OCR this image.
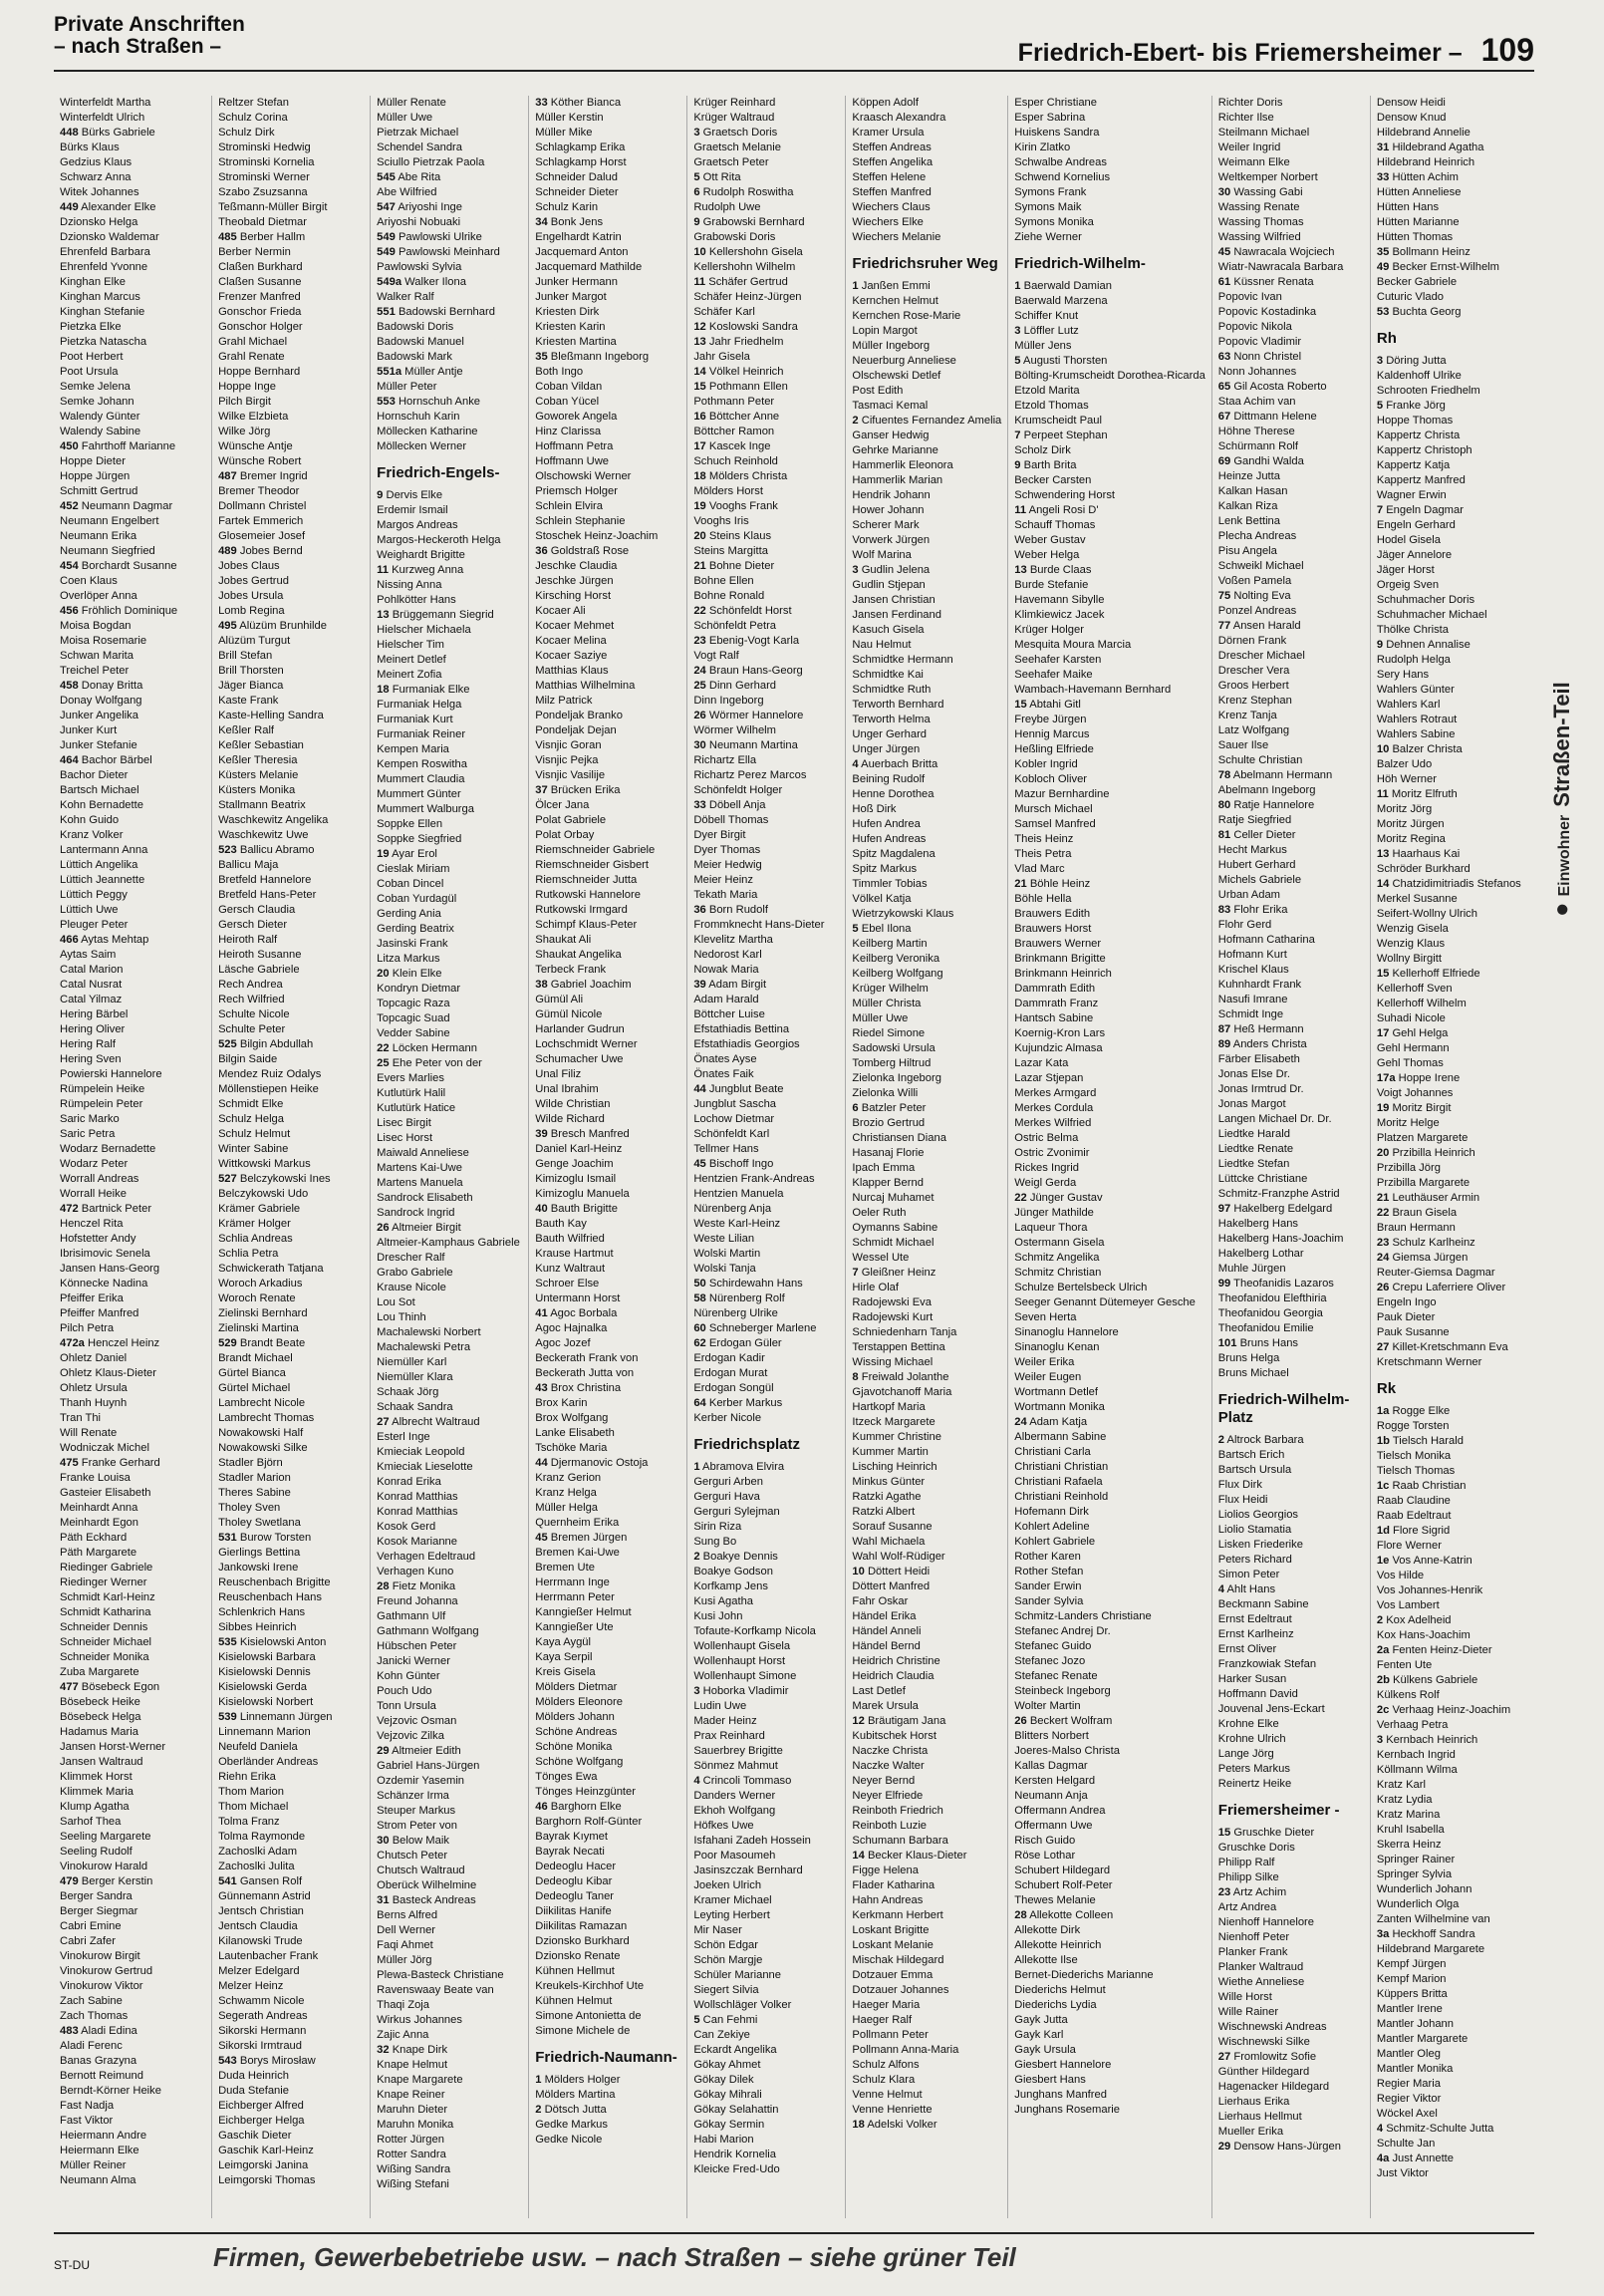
Private Anschriften
– nach Straßen –	Friedrich-Ebert- bis Friemersheimer – 109
Winterfeldt Martha
Winterfeldt Ulrich
448 Bürks Gabriele
Bürks Klaus
Gedzius Klaus
Schwarz Anna
Witek Johannes
449 Alexander Elke
Dzionsko Helga
Dzionsko Waldemar
Ehrenfeld Barbara
Ehrenfeld Yvonne
Kinghan Elke
Kinghan Marcus
Kinghan Stefanie
Pietzka Elke
Pietzka Natascha
Poot Herbert
Poot Ursula
Semke Jelena
Semke Johann
Walendy Günter
Walendy Sabine
450 Fahrthoff Marianne
Hoppe Dieter
Hoppe Jürgen
Schmitt Gertrud
452 Neumann Dagmar
Neumann Engelbert
Neumann Erika
Neumann Siegfried
454 Borchardt Susanne
Coen Klaus
Overlöper Anna
456 Fröhlich Dominique
Moisa Bogdan
Moisa Rosemarie
Schwan Marita
Treichel Peter
458 Donay Britta
Donay Wolfgang
Junker Angelika
Junker Kurt
Junker Stefanie
464 Bachor Bärbel
Bachor Dieter
Bartsch Michael
Kohn Bernadette
Kohn Guido
Kranz Volker
Lantermann Anna
Lüttich Angelika
Lüttich Jeannette
Lüttich Peggy
Lüttich Uwe
Pleuger Peter
466 Aytas Mehtap
Aytas Saim
Catal Marion
Catal Nusrat
Catal Yilmaz
Hering Bärbel
Hering Oliver
Hering Ralf
Hering Sven
Powierski Hannelore
Rümpelein Heike
Rümpelein Peter
Saric Marko
Saric Petra
Wodarz Bernadette
Wodarz Peter
Worrall Andreas
Worrall Heike
472 Bartnick Peter
Henczel Rita
Hofstetter Andy
Ibrisimovic Senela
Jansen Hans-Georg
Könnecke Nadina
Pfeiffer Erika
Pfeiffer Manfred
Pilch Petra
472a Henczel Heinz
Ohletz Daniel
Ohletz Klaus-Dieter
Ohletz Ursula
Thanh Huynh
Tran Thi
Will Renate
Wodniczak Michel
475 Franke Gerhard
Franke Louisa
Gasteier Elisabeth
Meinhardt Anna
Meinhardt Egon
Päth Eckhard
Päth Margarete
Riedinger Gabriele
Riedinger Werner
Schmidt Karl-Heinz
Schmidt Katharina
Schneider Dennis
Schneider Michael
Schneider Monika
Zuba Margarete
477 Bösebeck Egon
Bösebeck Heike
Bösebeck Helga
Hadamus Maria
Jansen Horst-Werner
Jansen Waltraud
Klimmek Horst
Klimmek Maria
Klump Agatha
Sarhof Thea
Seeling Margarete
Seeling Rudolf
Vinokurow Harald
479 Berger Kerstin
Berger Sandra
Berger Siegmar
Cabri Emine
Cabri Zafer
Vinokurow Birgit
Vinokurow Gertrud
Vinokurow Viktor
Zach Sabine
Zach Thomas
483 Aladi Edina
Aladi Ferenc
Banas Grazyna
Bernott Reimund
Berndt-Körner Heike
Fast Nadja
Fast Viktor
Heiermann Andre
Heiermann Elke
Müller Reiner
Neumann Alma
Reltzer Stefan
Schulz Corina
Schulz Dirk
Strominski Hedwig
Strominski Kornelia
Strominski Werner
Szabo Zsuzsanna
Teßmann-Müller Birgit
Theobald Dietmar
485 Berber Hallm
Berber Nermin
Claßen Burkhard
Claßen Susanne
Frenzer Manfred
Gonschor Frieda
Gonschor Holger
Grahl Michael
Grahl Renate
Hoppe Bernhard
Hoppe Inge
Pilch Birgit
Wilke Elzbieta
Wilke Jörg
Wünsche Antje
Wünsche Robert
487 Bremer Ingrid
Bremer Theodor
Dollmann Christel
Fartek Emmerich
Glosemeier Josef
489 Jobes Bernd
Jobes Claus
Jobes Gertrud
Jobes Ursula
Lomb Regina
495 Alüzüm Brunhilde
Alüzüm Turgut
Brill Stefan
Brill Thorsten
Jäger Bianca
Kaste Frank
Kaste-Helling Sandra
Keßler Ralf
Keßler Sebastian
Keßler Theresia
Küsters Melanie
Küsters Monika
Stallmann Beatrix
Waschkewitz Angelika
Waschkewitz Uwe
523 Ballicu Abramo
Ballicu Maja
Bretfeld Hannelore
Bretfeld Hans-Peter
Gersch Claudia
Gersch Dieter
Heiroth Ralf
Heiroth Susanne
Läsche Gabriele
Rech Andrea
Rech Wilfried
Schulte Nicole
Schulte Peter
525 Bilgin Abdullah
Bilgin Saide
Mendez Ruiz Odalys
Möllenstiepen Heike
Schmidt Elke
Schulz Helga
Schulz Helmut
Winter Sabine
Wittkowski Markus
527 Belczykowski Ines
Belczykowski Udo
Krämer Gabriele
Krämer Holger
Schlia Andreas
Schlia Petra
Schwickerath Tatjana
Woroch Arkadius
Woroch Renate
Zielinski Bernhard
Zielinski Martina
529 Brandt Beate
Brandt Michael
Gürtel Bianca
Gürtel Michael
Lambrecht Nicole
Lambrecht Thomas
Nowakowski Half
Nowakowski Silke
Stadler Björn
Stadler Marion
Theres Sabine
Tholey Sven
Tholey Swetlana
531 Burow Torsten
Gierlings Bettina
Jankowski Irene
Reuschenbach Brigitte
Reuschenbach Hans
Schlenkrich Hans
Sibbes Heinrich
535 Kisielowski Anton
Kisielowski Barbara
Kisielowski Dennis
Kisielowski Gerda
Kisielowski Norbert
539 Linnemann Jürgen
Linnemann Marion
Neufeld Daniela
Oberländer Andreas
Riehn Erika
Thom Marion
Thom Michael
Tolma Franz
Tolma Raymonde
Zachoslki Adam
Zachoslki Julita
541 Gansen Rolf
Günnemann Astrid
Jentsch Christian
Jentsch Claudia
Kilanowski Trude
Lautenbacher Frank
Melzer Edelgard
Melzer Heinz
Schwamm Nicole
Segerath Andreas
Sikorski Hermann
Sikorski Irmtraud
543 Borys Mirosław
Duda Heinrich
Duda Stefanie
Eichberger Alfred
Eichberger Helga
Gaschik Dieter
Gaschik Karl-Heinz
Leimgorski Janina
Leimgorski Thomas
Müller Renate
Müller Uwe
Pietrzak Michael
Schendel Sandra
Sciullo Pietrzak Paola
545 Abe Rita
Abe Wilfried
547 Ariyoshi Inge
Ariyoshi Nobuaki
549 Pawlowski Ulrike
549 Pawlowski Meinhard
Pawlowski Sylvia
549a Walker Ilona
Walker Ralf
551 Badowski Bernhard
Badowski Doris
Badowski Manuel
Badowski Mark
551a Müller Antje
Müller Peter
553 Hornschuh Anke
Hornschuh Karin
Möllecken Katharine
Möllecken Werner
Friedrich-Engels-
9 Dervis Elke
Erdemir Ismail
Margos Andreas
Margos-Heckeroth Helga
Weighardt Brigitte
11 Kurzweg Anna
Nissing Anna
Pohlkötter Hans
13 Brüggemann Siegrid
Hielscher Michaela
Hielscher Tim
Meinert Detlef
Meinert Zofia
18 Furmaniak Elke
Furmaniak Helga
Furmaniak Kurt
Furmaniak Reiner
Kempen Maria
Kempen Roswitha
Mummert Claudia
Mummert Günter
Mummert Walburga
Soppke Ellen
Soppke Siegfried
19 Ayar Erol
Cieslak Miriam
Coban Dincel
Coban Yurdagül
Gerding Ania
Gerding Beatrix
Jasinski Frank
Litza Markus
20 Klein Elke
Kondryn Dietmar
Topcagic Raza
Topcagic Suad
Vedder Sabine
22 Löcken Hermann
25 Ehe Peter von der
Evers Marlies
Kutlutürk Halil
Kutlutürk Hatice
Lisec Birgit
Lisec Horst
Maiwald Anneliese
Martens Kai-Uwe
Martens Manuela
Sandrock Elisabeth
Sandrock Ingrid
26 Altmeier Birgit
Altmeier-Kamphaus Gabriele
Drescher Ralf
Grabo Gabriele
Krause Nicole
Lou Sot
Lou Thinh
Machalewski Norbert
Machalewski Petra
Niemüller Karl
Niemüller Klara
Schaak Jörg
Schaak Sandra
27 Albrecht Waltraud
Esterl Inge
Kmieciak Leopold
Kmieciak Lieselotte
Konrad Erika
Konrad Matthias
Konrad Matthias
Kosok Gerd
Kosok Marianne
Verhagen Edeltraud
Verhagen Kuno
28 Fietz Monika
Freund Johanna
Gathmann Ulf
Gathmann Wolfgang
Hübschen Peter
Janicki Werner
Kohn Günter
Pouch Udo
Tonn Ursula
Vejzovic Osman
Vejzovic Zilka
29 Altmeier Edith
Gabriel Hans-Jürgen
Ozdemir Yasemin
Schänzer Irma
Steuper Markus
Strom Peter von
30 Below Maik
Chutsch Peter
Chutsch Waltraud
Oberück Wilhelmine
31 Basteck Andreas
Berns Alfred
Dell Werner
Faqi Ahmet
Müller Jörg
Plewa-Basteck Christiane
Ravenswaay Beate van
Thaqi Zoja
Wirkus Johannes
Zajic Anna
32 Knape Dirk
Knape Helmut
Knape Margarete
Knape Reiner
Maruhn Dieter
Maruhn Monika
Rotter Jürgen
Rotter Sandra
Wißing Sandra
Wißing Stefani
33 Köther Bianca
Müller Kerstin
Müller Mike
Schlagkamp Erika
Schlagkamp Horst
Schneider Dalud
Schneider Dieter
Schulz Karin
34 Bonk Jens
Engelhardt Katrin
Jacquemard Anton
Jacquemard Mathilde
Junker Hermann
Junker Margot
Kriesten Dirk
Kriesten Karin
Kriesten Martina
35 Bleßmann Ingeborg
Both Ingo
Coban Vildan
Coban Yücel
Goworek Angela
Hinz Clarissa
Hoffmann Petra
Hoffmann Uwe
Olschowski Werner
Priemsch Holger
Schlein Elvira
Schlein Stephanie
Stoschek Heinz-Joachim
36 Goldstraß Rose
Jeschke Claudia
Jeschke Jürgen
Kirsching Horst
Kocaer Ali
Kocaer Mehmet
Kocaer Melina
Kocaer Saziye
Matthias Klaus
Matthias Wilhelmina
Milz Patrick
Pondeljak Branko
Pondeljak Dejan
Visnjic Goran
Visnjic Pejka
Visnjic Vasilije
37 Brücken Erika
Ölcer Jana
Polat Gabriele
Polat Orbay
Riemschneider Gabriele
Riemschneider Gisbert
Riemschneider Jutta
Rutkowski Hannelore
Rutkowski Irmgard
Schimpf Klaus-Peter
Shaukat Ali
Shaukat Angelika
Terbeck Frank
38 Gabriel Joachim
Gümül Ali
Gümül Nicole
Harlander Gudrun
Lochschmidt Werner
Schumacher Uwe
Unal Filiz
Unal Ibrahim
Wilde Christian
Wilde Richard
39 Bresch Manfred
Daniel Karl-Heinz
Genge Joachim
Kimizoglu Ismail
Kimizoglu Manuela
40 Bauth Brigitte
Bauth Kay
Bauth Wilfried
Krause Hartmut
Kunz Waltraut
Schroer Else
Untermann Horst
41 Agoc Borbala
Agoc Hajnalka
Agoc Jozef
Beckerath Frank von
Beckerath Jutta von
43 Brox Christina
Brox Karin
Brox Wolfgang
Lanke Elisabeth
Tschöke Maria
44 Djermanovic Ostoja
Kranz Gerion
Kranz Helga
Müller Helga
Quernheim Erika
45 Bremen Jürgen
Bremen Kai-Uwe
Bremen Ute
Herrmann Inge
Herrmann Peter
Kanngießer Helmut
Kanngießer Ute
Kaya Aygül
Kaya Serpil
Kreis Gisela
Mölders Dietmar
Mölders Eleonore
Mölders Johann
Schöne Andreas
Schöne Monika
Schöne Wolfgang
Tönges Ewa
Tönges Heinzgünter
46 Barghorn Elke
Barghorn Rolf-Günter
Bayrak Kıymet
Bayrak Necati
Dedeoglu Hacer
Dedeoglu Kibar
Dedeoglu Taner
Diikilitas Hanife
Diikilitas Ramazan
Dzionsko Burkhard
Dzionsko Renate
Kühnen Hellmut
Kreukels-Kirchhof Ute
Kühnen Helmut
Simone Antonietta de
Simone Michele de
Friedrich-Naumann-
1 Mölders Holger
Mölders Martina
2 Dötsch Jutta
Gedke Markus
Gedke Nicole
Krüger Reinhard
Krüger Waltraud
3 Graetsch Doris
Graetsch Melanie
Graetsch Peter
5 Ott Rita
6 Rudolph Roswitha
Rudolph Uwe
9 Grabowski Bernhard
Grabowski Doris
10 Kellershohn Gisela
Kellershohn Wilhelm
11 Schäfer Gertrud
Schäfer Heinz-Jürgen
Schäfer Karl
12 Koslowski Sandra
13 Jahr Friedhelm
Jahr Gisela
14 Völkel Heinrich
15 Pothmann Ellen
Pothmann Peter
16 Böttcher Anne
Böttcher Ramon
17 Kascek Inge
Schuch Reinhold
18 Mölders Christa
Mölders Horst
19 Vooghs Frank
Vooghs Iris
20 Steins Klaus
Steins Margitta
21 Bohne Dieter
Bohne Ellen
Bohne Ronald
22 Schönfeldt Horst
Schönfeldt Petra
23 Ebenig-Vogt Karla
Vogt Ralf
24 Braun Hans-Georg
25 Dinn Gerhard
Dinn Ingeborg
26 Wörmer Hannelore
Wörmer Wilhelm
30 Neumann Martina
Richartz Ella
Richartz Perez Marcos
Schönfeldt Holger
33 Döbell Anja
Döbell Thomas
Dyer Birgit
Dyer Thomas
Meier Hedwig
Meier Heinz
Tekath Maria
36 Born Rudolf
Frommknecht Hans-Dieter
Klevelitz Martha
Nedorost Karl
Nowak Maria
39 Adam Birgit
Adam Harald
Böttcher Luise
Efstathiadis Bettina
Efstathiadis Georgios
Önates Ayse
Önates Faik
44 Jungblut Beate
Jungblut Sascha
Lochow Dietmar
Schönfeldt Karl
Tellmer Hans
45 Bischoff Ingo
Hentzien Frank-Andreas
Hentzien Manuela
Nürenberg Anja
Weste Karl-Heinz
Weste Lilian
Wolski Martin
Wolski Tanja
50 Schirdewahn Hans
58 Nürenberg Rolf
Nürenberg Ulrike
60 Schneberger Marlene
62 Erdogan Güler
Erdogan Kadir
Erdogan Murat
Erdogan Songül
64 Kerber Markus
Kerber Nicole
Friedrichsplatz
1 Abramova Elvira
Gerguri Arben
Gerguri Hava
Gerguri Sylejman
Sirin Riza
Sung Bo
2 Boakye Dennis
Boakye Godson
Korfkamp Jens
Kusi Agatha
Kusi John
Tofaute-Korfkamp Nicola
Wollenhaupt Gisela
Wollenhaupt Horst
Wollenhaupt Simone
3 Hoborka Vladimir
Ludin Uwe
Mader Heinz
Prax Reinhard
Sauerbrey Brigitte
Sönmez Mahmut
4 Crincoli Tommaso
Danders Werner
Ekhoh Wolfgang
Höfkes Uwe
Isfahani Zadeh Hossein
Poor Masoumeh
Jasinszczak Bernhard
Joeken Ulrich
Kramer Michael
Leyting Herbert
Mir Naser
Schön Edgar
Schön Margje
Schüler Marianne
Siegert Silvia
Wollschläger Volker
5 Can Fehmi
Can Zekiye
Eckardt Angelika
Gökay Ahmet
Gökay Dilek
Gökay Mihrali
Gökay Selahattin
Gökay Sermin
Habi Marion
Hendrik Kornelia
Kleicke Fred-Udo
Köppen Adolf
Kraasch Alexandra
Kramer Ursula
Steffen Andreas
Steffen Angelika
Steffen Helene
Steffen Manfred
Wiechers Claus
Wiechers Elke
Wiechers Melanie
Friedrichsruher Weg
1 Janßen Emmi
Kernchen Helmut
Kernchen Rose-Marie
Lopin Margot
Müller Ingeborg
Neuerburg Anneliese
Olschewski Detlef
Post Edith
Tasmaci Kemal
2 Cifuentes Fernandez Amelia
Ganser Hedwig
Gehrke Marianne
Hammerlik Eleonora
Hammerlik Marian
Hendrik Johann
Hower Johann
Scherer Mark
Vorwerk Jürgen
Wolf Marina
3 Gudlin Jelena
Gudlin Stjepan
Jansen Christian
Jansen Ferdinand
Kasuch Gisela
Nau Helmut
Schmidtke Hermann
Schmidtke Kai
Schmidtke Ruth
Terworth Bernhard
Terworth Helma
Unger Gerhard
Unger Jürgen
4 Auerbach Britta
Beining Rudolf
Henne Dorothea
Hoß Dirk
Hufen Andrea
Hufen Andreas
Spitz Magdalena
Spitz Markus
Timmler Tobias
Völkel Katja
Wietrzykowski Klaus
5 Ebel Ilona
Keilberg Martin
Keilberg Veronika
Keilberg Wolfgang
Krüger Wilhelm
Müller Christa
Müller Uwe
Riedel Simone
Sadowski Ursula
Tomberg Hiltrud
Zielonka Ingeborg
Zielonka Willi
6 Batzler Peter
Brozio Gertrud
Christiansen Diana
Hasanaj Florie
Ipach Emma
Klapper Bernd
Nurcaj Muhamet
Oeler Ruth
Oymanns Sabine
Schmidt Michael
Wessel Ute
7 Gleißner Heinz
Hirle Olaf
Radojewski Eva
Radojewski Kurt
Schniedenharn Tanja
Terstappen Bettina
Wissing Michael
8 Freiwald Jolanthe
Gjavotchanoff Maria
Hartkopf Maria
Itzeck Margarete
Kummer Christine
Kummer Martin
Lisching Heinrich
Minkus Günter
Ratzki Agathe
Ratzki Albert
Sorauf Susanne
Wahl Michaela
Wahl Wolf-Rüdiger
10 Döttert Heidi
Döttert Manfred
Fahr Oskar
Händel Erika
Händel Anneli
Händel Bernd
Heidrich Christine
Heidrich Claudia
Last Detlef
Marek Ursula
12 Bräutigam Jana
Kubitschek Horst
Naczke Christa
Naczke Walter
Neyer Bernd
Neyer Elfriede
Reinboth Friedrich
Reinboth Luzie
Schumann Barbara
14 Becker Klaus-Dieter
Figge Helena
Flader Katharina
Hahn Andreas
Kerkmann Herbert
Loskant Brigitte
Loskant Melanie
Mischak Hildegard
Dotzauer Emma
Dotzauer Johannes
Haeger Maria
Haeger Ralf
Pollmann Peter
Pollmann Anna-Maria
Schulz Alfons
Schulz Klara
Venne Helmut
Venne Henriette
18 Adelski Volker
Esper Christiane
Esper Sabrina
Huiskens Sandra
Kirin Zlatko
Schwalbe Andreas
Schwend Kornelius
Symons Frank
Symons Maik
Symons Monika
Ziehe Werner
Friedrich-Wilhelm-
1 Baerwald Damian
Baerwald Marzena
Schiffer Knut
3 Löffler Lutz
Müller Jens
5 Augusti Thorsten
Bölting-Krumscheidt Dorothea-Ricarda
Etzold Marita
Etzold Thomas
Krumscheidt Paul
7 Perpeet Stephan
Scholz Dirk
9 Barth Brita
Becker Carsten
Schwendering Horst
11 Angeli Rosi D'
Schauff Thomas
Weber Gustav
Weber Helga
13 Burde Claas
Burde Stefanie
Havemann Sibylle
Klimkiewicz Jacek
Krüger Holger
Mesquita Moura Marcia
Seehafer Karsten
Seehafer Maike
Wambach-Havemann Bernhard
15 Abtahi Gitl
Freybe Jürgen
Hennig Marcus
Heßling Elfriede
Kobler Ingrid
Kobloch Oliver
Mazur Bernhardine
Mursch Michael
Samsel Manfred
Theis Heinz
Theis Petra
Vlad Marc
21 Böhle Heinz
Böhle Hella
Brauwers Edith
Brauwers Horst
Brauwers Werner
Brinkmann Brigitte
Brinkmann Heinrich
Dammrath Edith
Dammrath Franz
Hantsch Sabine
Koernig-Kron Lars
Kujundzic Almasa
Lazar Kata
Lazar Stjepan
Merkes Armgard
Merkes Cordula
Merkes Wilfried
Ostric Belma
Ostric Zvonimir
Rickes Ingrid
Weigl Gerda
22 Jünger Gustav
Jünger Mathilde
Laqueur Thora
Ostermann Gisela
Schmitz Angelika
Schmitz Christian
Schulze Bertelsbeck Ulrich
Seeger Genannt Dütemeyer Gesche
Seven Herta
Sinanoglu Hannelore
Sinanoglu Kenan
Weiler Erika
Weiler Eugen
Wortmann Detlef
Wortmann Monika
24 Adam Katja
Albermann Sabine
Christiani Carla
Christiani Christian
Christiani Rafaela
Christiani Reinhold
Hofemann Dirk
Kohlert Adeline
Kohlert Gabriele
Rother Karen
Rother Stefan
Sander Erwin
Sander Sylvia
Schmitz-Landers Christiane
Stefanec Andrej Dr.
Stefanec Guido
Stefanec Jozo
Stefanec Renate
Steinbeck Ingeborg
Wolter Martin
26 Beckert Wolfram
Blitters Norbert
Joeres-Malso Christa
Kallas Dagmar
Kersten Helgard
Neumann Anja
Offermann Andrea
Offermann Uwe
Risch Guido
Röse Lothar
Schubert Hildegard
Schubert Rolf-Peter
Thewes Melanie
28 Allekotte Colleen
Allekotte Dirk
Allekotte Heinrich
Allekotte Ilse
Bernet-Diederichs Marianne
Diederichs Helmut
Diederichs Lydia
Gayk Jutta
Gayk Karl
Gayk Ursula
Giesbert Hannelore
Giesbert Hans
Junghans Manfred
Junghans Rosemarie
Richter Doris
Richter Ilse
Steilmann Michael
Weiler Ingrid
Weimann Elke
Weltkemper Norbert
30 Wassing Gabi
Wassing Renate
Wassing Thomas
Wassing Wilfried
45 Nawracala Wojciech
Wiatr-Nawracala Barbara
61 Küssner Renata
Popovic Ivan
Popovic Kostadinka
Popovic Nikola
Popovic Vladimir
63 Nonn Christel
Nonn Johannes
65 Gil Acosta Roberto
Staa Achim van
67 Dittmann Helene
Höhne Therese
Schürmann Rolf
69 Gandhi Walda
Heinze Jutta
Kalkan Hasan
Kalkan Riza
Lenk Bettina
Plecha Andreas
Pisu Angela
Schweikl Michael
Voßen Pamela
75 Nolting Eva
Ponzel Andreas
77 Ansen Harald
Dörnen Frank
Drescher Michael
Drescher Vera
Groos Herbert
Krenz Stephan
Krenz Tanja
Latz Wolfgang
Sauer Ilse
Schulte Christian
78 Abelmann Hermann
Abelmann Ingeborg
80 Ratje Hannelore
Ratje Siegfried
81 Celler Dieter
Hecht Markus
Hubert Gerhard
Michels Gabriele
Urban Adam
83 Flohr Erika
Flohr Gerd
Hofmann Catharina
Hofmann Kurt
Krischel Klaus
Kuhnhardt Frank
Nasufi Imrane
Schmidt Inge
87 Heß Hermann
89 Anders Christa
Färber Elisabeth
Jonas Else Dr.
Jonas Irmtrud Dr.
Jonas Margot
Langen Michael Dr. Dr.
Liedtke Harald
Liedtke Renate
Liedtke Stefan
Lüttcke Christiane
Schmitz-Franzphe Astrid
97 Hakelberg Edelgard
Hakelberg Hans
Hakelberg Hans-Joachim
Hakelberg Lothar
Muhle Jürgen
99 Theofanidis Lazaros
Theofanidou Elefthiria
Theofanidou Georgia
Theofanidou Emilie
101 Bruns Hans
Bruns Helga
Bruns Michael
Friedrich-Wilhelm-Platz
2 Altrock Barbara
Bartsch Erich
Bartsch Ursula
Flux Dirk
Flux Heidi
Liolios Georgios
Liolio Stamatia
Lisken Friederike
Peters Richard
Simon Peter
4 Ahlt Hans
Beckmann Sabine
Ernst Edeltraut
Ernst Karlheinz
Ernst Oliver
Franzkowiak Stefan
Harker Susan
Hoffmann David
Jouvenal Jens-Eckart
Krohne Elke
Krohne Ulrich
Lange Jörg
Peters Markus
Reinertz Heike
Friemersheimer -
15 Gruschke Dieter
Gruschke Doris
Philipp Ralf
Philipp Silke
23 Artz Achim
Artz Andrea
Nienhoff Hannelore
Nienhoff Peter
Planker Frank
Planker Waltraud
Wiethe Anneliese
Wille Horst
Wille Rainer
Wischnewski Andreas
Wischnewski Silke
27 Fromlowitz Sofie
Günther Hildegard
Hagenacker Hildegard
Lierhaus Erika
Lierhaus Hellmut
Mueller Erika
29 Densow Hans-Jürgen
Densow Heidi
Densow Knud
Hildebrand Annelie
31 Hildebrand Agatha
Hildebrand Heinrich
33 Hütten Achim
Hütten Anneliese
Hütten Hans
Hütten Marianne
Hütten Thomas
35 Bollmann Heinz
49 Becker Ernst-Wilhelm
Becker Gabriele
Cuturic Vlado
53 Buchta Georg
Rh
3 Döring Jutta
Kaldenhoff Ulrike
Schrooten Friedhelm
5 Franke Jörg
Hoppe Thomas
Kappertz Christa
Kappertz Christoph
Kappertz Katja
Kappertz Manfred
Wagner Erwin
7 Engeln Dagmar
Engeln Gerhard
Hodel Gisela
Jäger Annelore
Jäger Horst
Orgeig Sven
Schuhmacher Doris
Schuhmacher Michael
Thölke Christa
9 Dehnen Annalise
Rudolph Helga
Sery Hans
Wahlers Günter
Wahlers Karl
Wahlers Rotraut
Wahlers Sabine
10 Balzer Christa
Balzer Udo
Höh Werner
11 Moritz Elfruth
Moritz Jörg
Moritz Jürgen
Moritz Regina
13 Haarhaus Kai
Schröder Burkhard
14 Chatzidimitriadis Stefanos
Merkel Susanne
Seifert-Wollny Ulrich
Wenzig Gisela
Wenzig Klaus
Wollny Birgitt
15 Kellerhoff Elfriede
Kellerhoff Sven
Kellerhoff Wilhelm
Suhadi Nicole
17 Gehl Helga
Gehl Hermann
Gehl Thomas
17a Hoppe Irene
Voigt Johannes
19 Moritz Birgit
Moritz Helge
Platzen Margarete
20 Przibilla Heinrich
Przibilla Jörg
Przibilla Margarete
21 Leuthäuser Armin
22 Braun Gisela
Braun Hermann
23 Schulz Karlheinz
24 Giemsa Jürgen
Reuter-Giemsa Dagmar
26 Crepu Laferriere Oliver
Engeln Ingo
Pauk Dieter
Pauk Susanne
27 Killet-Kretschmann Eva
Kretschmann Werner
Rk
1a Rogge Elke
Rogge Torsten
1b Tielsch Harald
Tielsch Monika
Tielsch Thomas
1c Raab Christian
Raab Claudine
Raab Edeltraut
1d Flore Sigrid
Flore Werner
1e Vos Anne-Katrin
Vos Hilde
Vos Johannes-Henrik
Vos Lambert
2 Kox Adelheid
Kox Hans-Joachim
2a Fenten Heinz-Dieter
Fenten Ute
2b Külkens Gabriele
Külkens Rolf
2c Verhaag Heinz-Joachim
Verhaag Petra
3 Kernbach Heinrich
Kernbach Ingrid
Köllmann Wilma
Kratz Karl
Kratz Lydia
Kratz Marina
Kruhl Isabella
Skerra Heinz
Springer Rainer
Springer Sylvia
Wunderlich Johann
Wunderlich Olga
Zanten Wilhelmine van
3a Heckhoff Sandra
Hildebrand Margarete
Kempf Jürgen
Kempf Marion
Küppers Britta
Mantler Irene
Mantler Johann
Mantler Margarete
Mantler Oleg
Mantler Monika
Regier Maria
Regier Viktor
Wöckel Axel
4 Schmitz-Schulte Jutta
Schulte Jan
4a Just Annette
Just Viktor
●EinwohnerStraßen-Teil
ST-DU	Firmen, Gewerbebetriebe usw. – nach Straßen – siehe grüner Teil
